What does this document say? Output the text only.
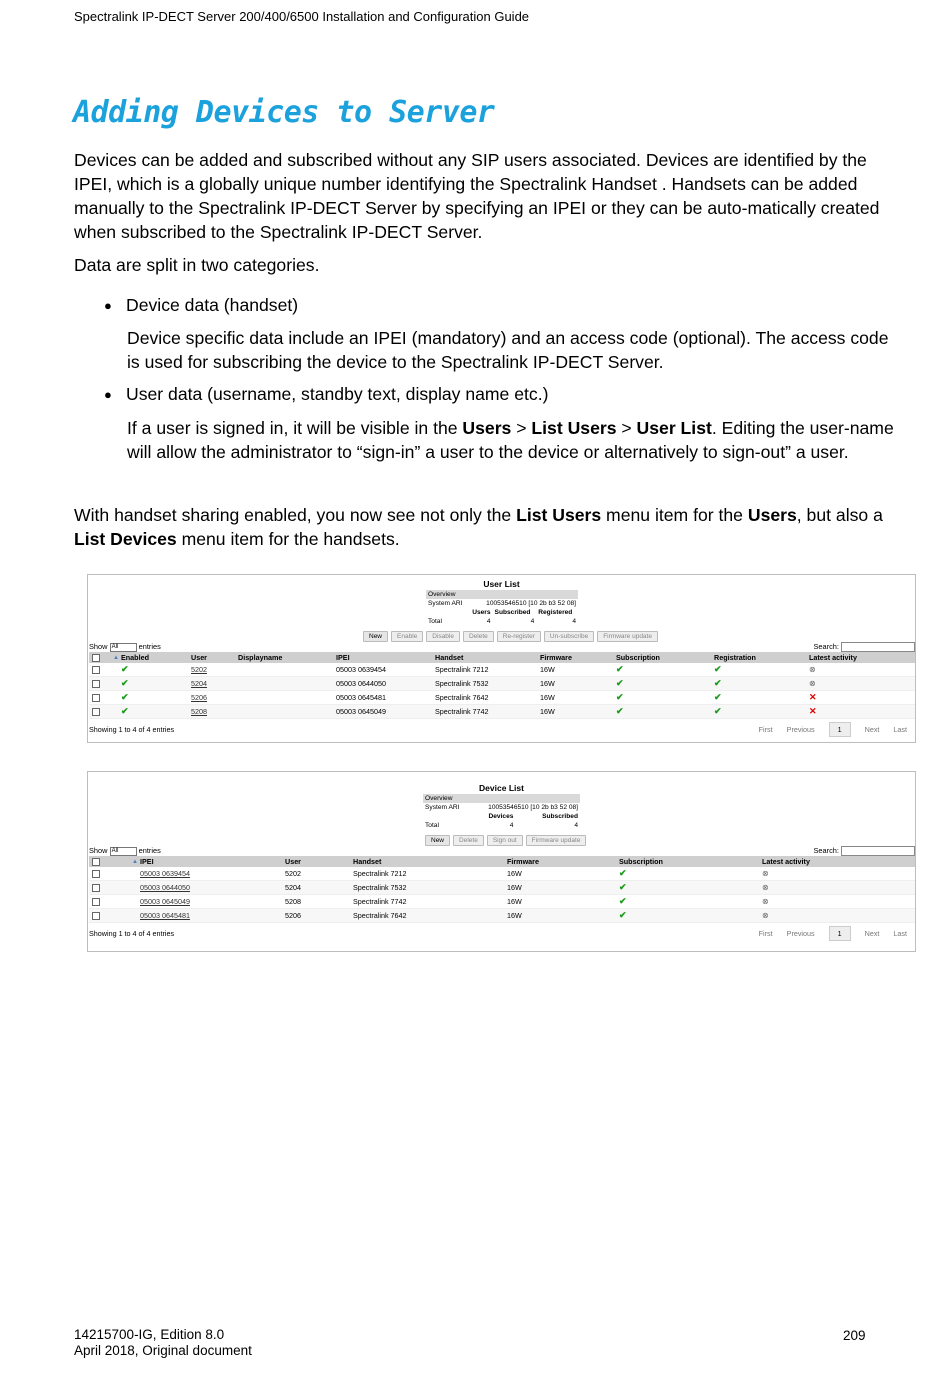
Spectralink IP-DECT Server 200/400/6500 Installation and Configuration Guide
Adding Devices to Server

Devices can be added and subscribed without any SIP users associated. Devices are identified by the IPEI, which is a globally unique number identifying the Spectralink Handset . Handsets can be added manually to the Spectralink IP-DECT Server by specifying an IPEI or they can be auto-matically created when subscribed to the Spectralink IP-DECT Server.

Data are split in two categories.

● Device data (handset)

Device specific data include an IPEI (mandatory) and an access code (optional). The access code is used for subscribing the device to the Spectralink IP-DECT Server.

● User data (username, standby text, display name etc.)

If a user is signed in, it will be visible in the Users > List Users > User List. Editing the user-name will allow the administrator to “sign-in” a user to the device or alternatively to sign-out” a user.

With handset sharing enabled, you now see not only the List Users menu item for the Users, but also a List Devices menu item for the handsets.

User List
Overview			
System ARI	10053546510 [10 2b b3 52 08]		
	Users	Subscribed	Registered
Total	4	4	4
New	Enable	Disable	Delete	Re-register	Un-subscribe	Firmware update
Show All	entries	Search:
	▲	Enabled	User	Displayname	IPEI	Handset	Firmware	Subscription	Registration	Latest activity
		✔	5202		05003 0639454	Spectralink 7212	16W	✔	✔	⊗
		✔	5204		05003 0644050	Spectralink 7532	16W	✔	✔	⊗
		✔	5206		05003 0645481	Spectralink 7642	16W	✔	✔	✕
		✔	5208		05003 0645049	Spectralink 7742	16W	✔	✔	✕
Showing 1 to 4 of 4 entries	First Previous	1	Next Last
Device List
Overview		
System ARI	10053546510 [10 2b b3 52 08]	
	Devices	Subscribed
Total	4	4
New	Delete	Sign out	Firmware update
Show All	entries	Search:
	▲	IPEI	User	Handset	Firmware	Subscription	Latest activity
		05003 0639454	5202	Spectralink 7212	16W	✔	⊗
		05003 0644050	5204	Spectralink 7532	16W	✔	⊗
		05003 0645049	5208	Spectralink 7742	16W	✔	⊗
		05003 0645481	5206	Spectralink 7642	16W	✔	⊗
Showing 1 to 4 of 4 entries	First Previous	1	Next Last
14215700-IG, Edition 8.0
April 2018, Original document
209
